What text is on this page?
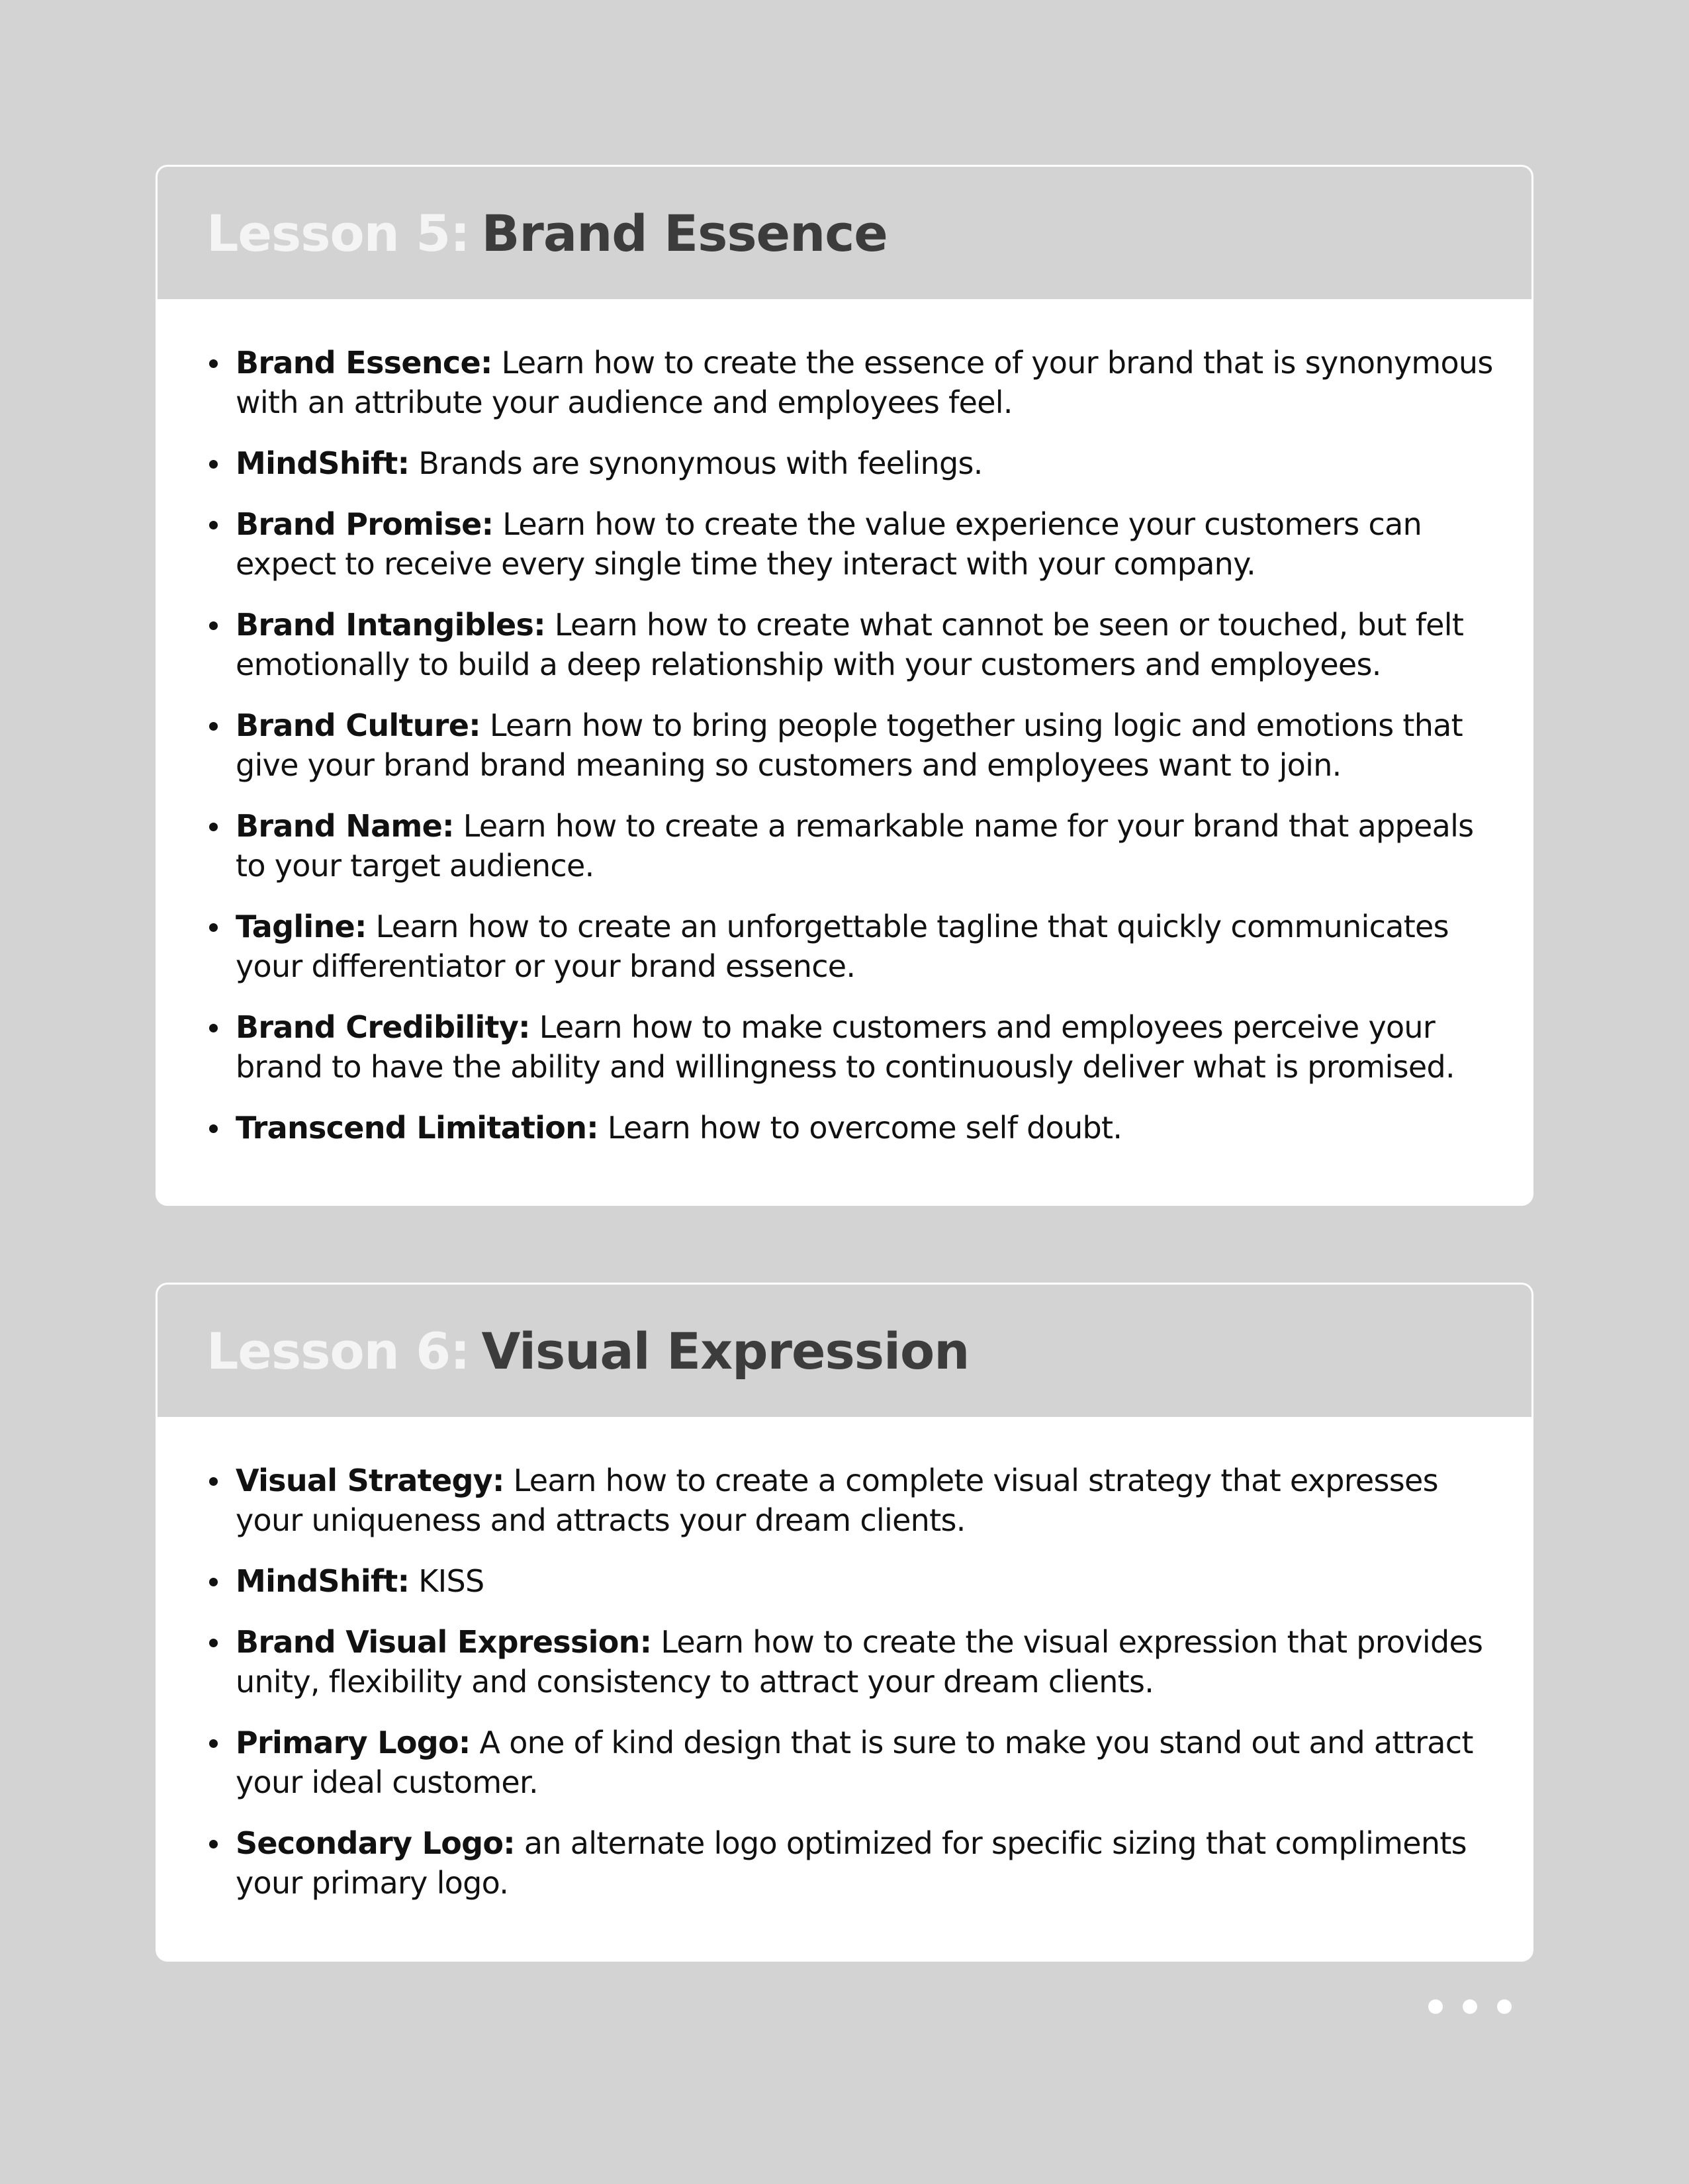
Lesson 5: Brand Essence
Brand Essence: Learn how to create the essence of your brand that is synonymous with an attribute your audience and employees feel.
MindShift: Brands are synonymous with feelings.
Brand Promise: Learn how to create the value experience your customers can expect to receive every single time they interact with your company.
Brand Intangibles: Learn how to create what cannot be seen or touched, but felt emotionally to build a deep relationship with your customers and employees.
Brand Culture: Learn how to bring people together using logic and emotions that give your brand brand meaning so customers and employees want to join.
Brand Name: Learn how to create a remarkable name for your brand that appeals to your target audience.
Tagline: Learn how to create an unforgettable tagline that quickly communicates your differentiator or your brand essence.
Brand Credibility: Learn how to make customers and employees perceive your brand to have the ability and willingness to continuously deliver what is promised.
Transcend Limitation: Learn how to overcome self doubt.
Lesson 6: Visual Expression
Visual Strategy: Learn how to create a complete visual strategy that expresses your uniqueness and attracts your dream clients.
MindShift: KISS
Brand Visual Expression: Learn how to create the visual expression that provides unity, flexibility and consistency to attract your dream clients.
Primary Logo: A one of kind design that is sure to make you stand out and attract your ideal customer.
Secondary Logo: an alternate logo optimized for specific sizing that compliments your primary logo.
